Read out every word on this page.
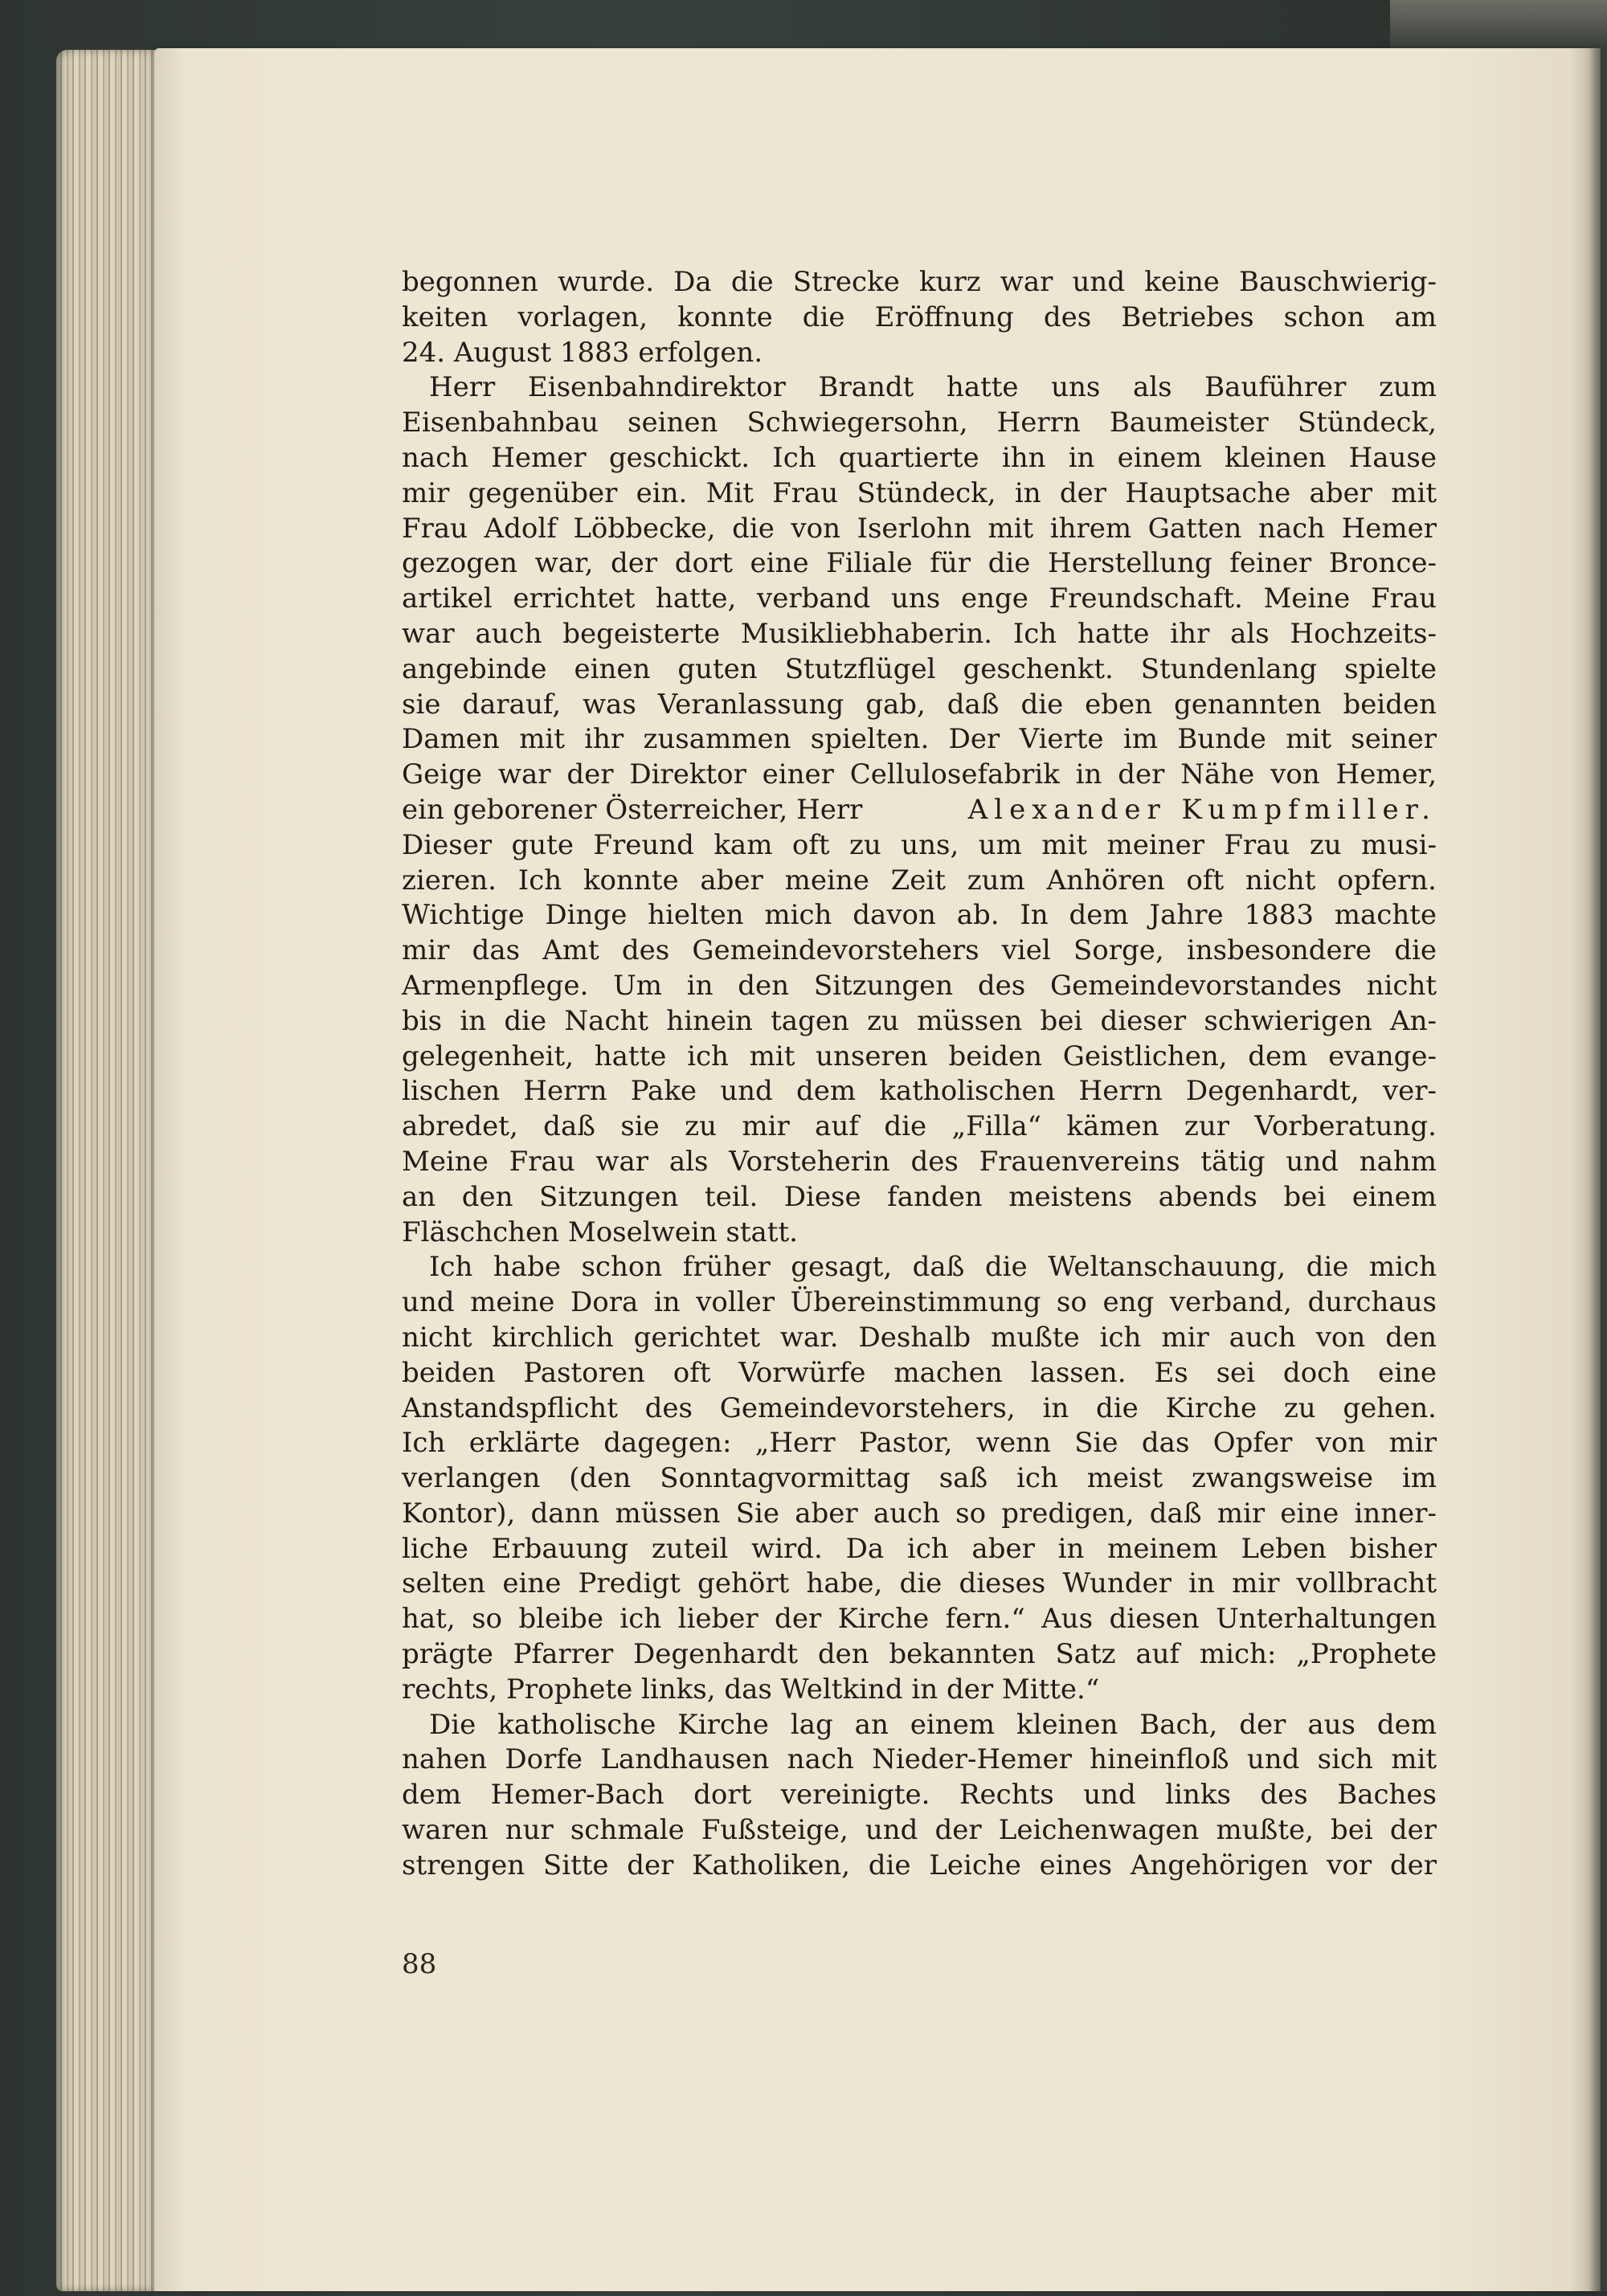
begonnen wurde. Da die Strecke kurz war und keine Bauschwierig-
keiten vorlagen, konnte die Eröffnung des Betriebes schon am
24. August 1883 erfolgen.
Herr Eisenbahndirektor Brandt hatte uns als Bauführer zum
Eisenbahnbau seinen Schwiegersohn, Herrn Baumeister Stündeck,
nach Hemer geschickt. Ich quartierte ihn in einem kleinen Hause
mir gegenüber ein. Mit Frau Stündeck, in der Hauptsache aber mit
Frau Adolf Löbbecke, die von Iserlohn mit ihrem Gatten nach Hemer
gezogen war, der dort eine Filiale für die Herstellung feiner Bronce-
artikel errichtet hatte, verband uns enge Freundschaft. Meine Frau
war auch begeisterte Musikliebhaberin. Ich hatte ihr als Hochzeits-
angebinde einen guten Stutzflügel geschenkt. Stundenlang spielte
sie darauf, was Veranlassung gab, daß die eben genannten beiden
Damen mit ihr zusammen spielten. Der Vierte im Bunde mit seiner
Geige war der Direktor einer Cellulosefabrik in der Nähe von Hemer,
ein geborener Österreicher, Herr	Alexander Kumpfmiller.
Dieser gute Freund kam oft zu uns, um mit meiner Frau zu musi-
zieren. Ich konnte aber meine Zeit zum Anhören oft nicht opfern.
Wichtige Dinge hielten mich davon ab. In dem Jahre 1883 machte
mir das Amt des Gemeindevorstehers viel Sorge, insbesondere die
Armenpflege. Um in den Sitzungen des Gemeindevorstandes nicht
bis in die Nacht hinein tagen zu müssen bei dieser schwierigen An-
gelegenheit, hatte ich mit unseren beiden Geistlichen, dem evange-
lischen Herrn Pake und dem katholischen Herrn Degenhardt, ver-
abredet, daß sie zu mir auf die „Filla“ kämen zur Vorberatung.
Meine Frau war als Vorsteherin des Frauenvereins tätig und nahm
an den Sitzungen teil. Diese fanden meistens abends bei einem
Fläschchen Moselwein statt.
Ich habe schon früher gesagt, daß die Weltanschauung, die mich
und meine Dora in voller Übereinstimmung so eng verband, durchaus
nicht kirchlich gerichtet war. Deshalb mußte ich mir auch von den
beiden Pastoren oft Vorwürfe machen lassen. Es sei doch eine
Anstandspflicht des Gemeindevorstehers, in die Kirche zu gehen.
Ich erklärte dagegen: „Herr Pastor, wenn Sie das Opfer von mir
verlangen (den Sonntagvormittag saß ich meist zwangsweise im
Kontor), dann müssen Sie aber auch so predigen, daß mir eine inner-
liche Erbauung zuteil wird. Da ich aber in meinem Leben bisher
selten eine Predigt gehört habe, die dieses Wunder in mir vollbracht
hat, so bleibe ich lieber der Kirche fern.“ Aus diesen Unterhaltungen
prägte Pfarrer Degenhardt den bekannten Satz auf mich: „Prophete
rechts, Prophete links, das Weltkind in der Mitte.“
Die katholische Kirche lag an einem kleinen Bach, der aus dem
nahen Dorfe Landhausen nach Nieder-Hemer hineinfloß und sich mit
dem Hemer-Bach dort vereinigte. Rechts und links des Baches
waren nur schmale Fußsteige, und der Leichenwagen mußte, bei der
strengen Sitte der Katholiken, die Leiche eines Angehörigen vor der
88
